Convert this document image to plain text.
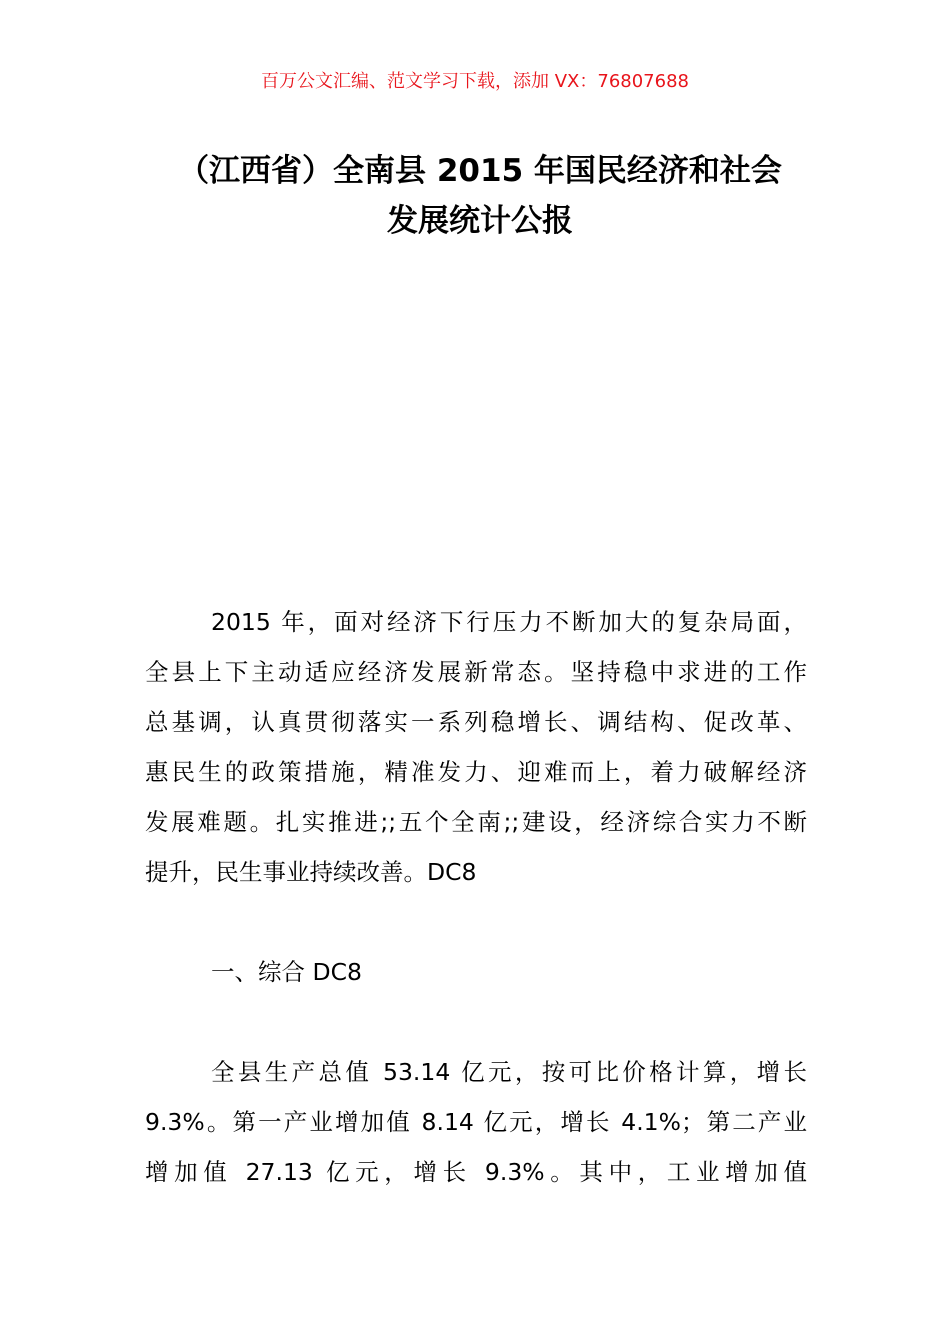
百万公文汇编、范文学习下载，添加 VX：76807688
（江西省）全南县 2015 年国民经济和社会
发展统计公报
2015 年，面对经济下行压力不断加大的复杂局面，
全县上下主动适应经济发展新常态。坚持稳中求进的工作
总基调，认真贯彻落实一系列稳增长、调结构、促改革、
惠民生的政策措施，精准发力、迎难而上，着力破解经济
发展难题。扎实推进;;五个全南;;建设，经济综合实力不断
提升，民生事业持续改善。DC8
一、综合 DC8
全县生产总值 53.14 亿元，按可比价格计算，增长
9.3%。第一产业增加值 8.14 亿元，增长 4.1%；第二产业
增加值 27.13 亿元，增长 9.3%。其中，工业增加值
